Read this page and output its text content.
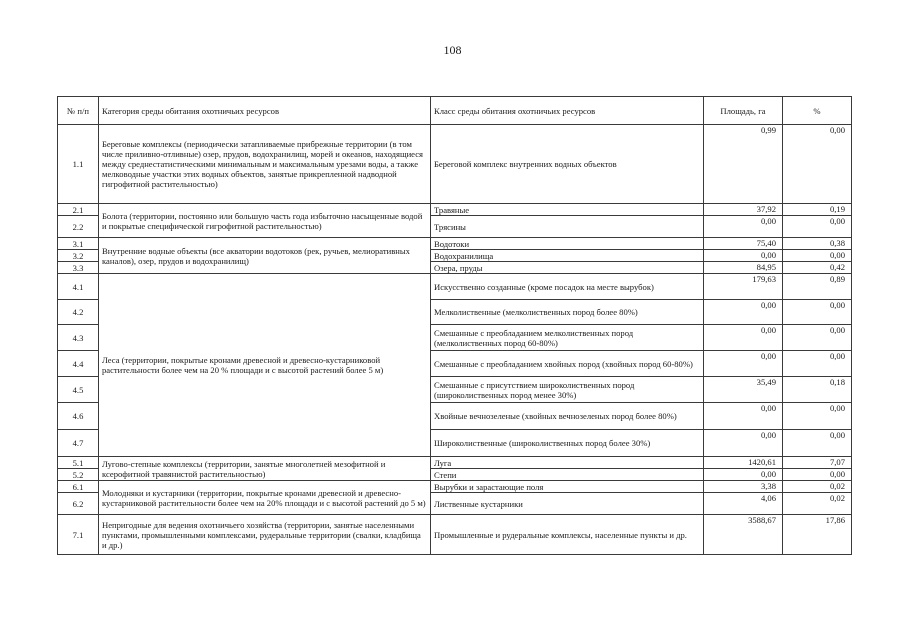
108
№ п/п	Категория среды обитания охотничьих ресурсов	Класс среды обитания охотничьих ресурсов	Площадь, га	%
1.1	Береговые комплексы (периодически затапливаемые прибрежные территории (в том числе приливно-отливные) озер, прудов, водохранилищ, морей и океанов, находящиеся между среднестатистическими минимальным и максимальным урезами воды, а также мелководные участки этих водных объектов, занятые прикрепленной надводной гигрофитной растительностью)	Береговой комплекс внутренних водных объектов	0,99	0,00
2.1	Болота (территории, постоянно или большую часть года избыточно насыщенные водой и покрытые специфической гигрофитной растительностью)	Травяные	37,92	0,19
2.2		Трясины	0,00	0,00
3.1	Внутренние водные объекты (все акватории водотоков (рек, ручьев, мелиоративных каналов), озер, прудов и водохранилищ)	Водотоки	75,40	0,38
3.2		Водохранилища	0,00	0,00
3.3		Озера, пруды	84,95	0,42
4.1	Леса (территории, покрытые кронами древесной и древесно-кустарниковой растительности более чем на 20 % площади и с высотой растений более 5 м)	Искусственно созданные (кроме посадок на месте вырубок)	179,63	0,89
4.2		Мелколиственные (мелколиственных пород более 80%)	0,00	0,00
4.3		Смешанные с преобладанием мелколиственных пород (мелколиственных пород 60-80%)	0,00	0,00
4.4		Смешанные с преобладанием хвойных пород (хвойных пород 60-80%)	0,00	0,00
4.5		Смешанные с присутствием широколиственных пород (широколиственных пород менее 30%)	35,49	0,18
4.6		Хвойные вечнозеленые (хвойных вечнозеленых пород более 80%)	0,00	0,00
4.7		Широколиственные (широколиственных пород более 30%)	0,00	0,00
5.1	Лугово-степные комплексы (территории, занятые многолетней мезофитной и ксерофитной травянистой растительностью)	Луга	1420,61	7,07
5.2		Степи	0,00	0,00
6.1	Молодняки и кустарники (территории, покрытые кронами древесной и древесно-кустарниковой растительности более чем на 20% площади и с высотой растений до 5 м)	Вырубки и зарастающие поля	3,38	0,02
6.2		Лиственные кустарники	4,06	0,02
7.1	Непригодные для ведения охотничьего хозяйства (территории, занятые населенными пунктами, промышленными комплексами, рудеральные территории (свалки, кладбища и др.)	Промышленные и рудеральные комплексы, населенные пункты и др.	3588,67	17,86
